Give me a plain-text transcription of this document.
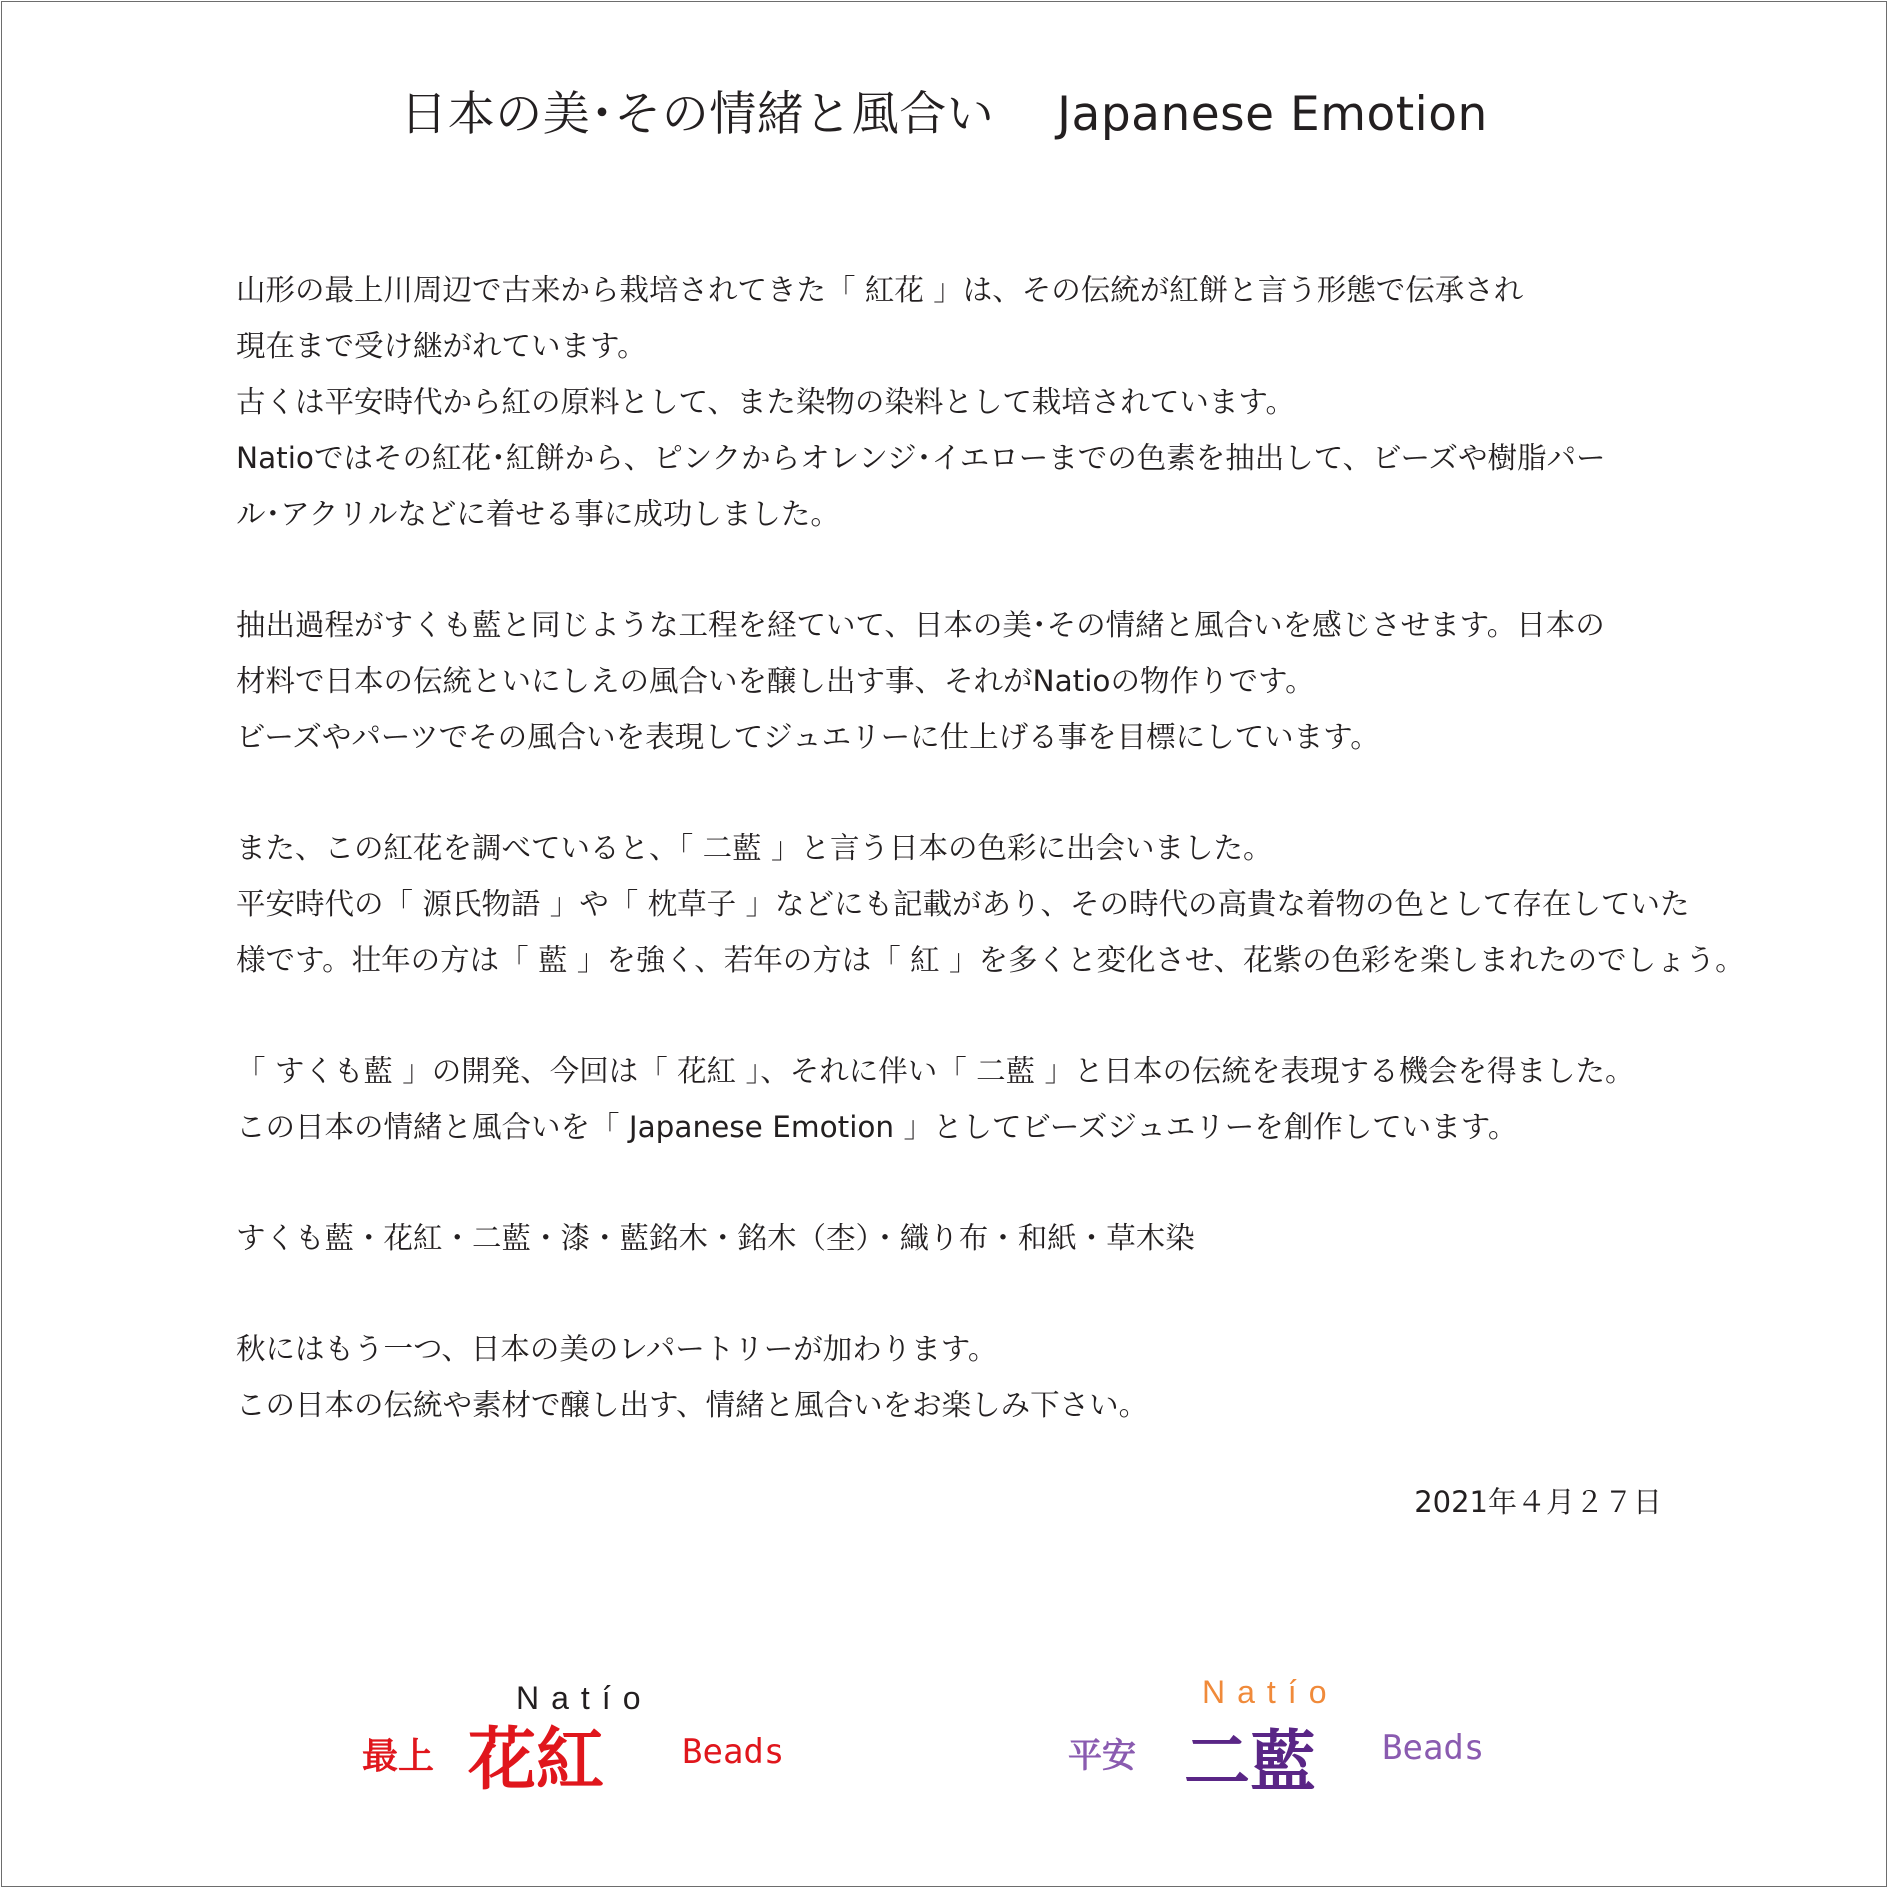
日本の美･その情緒と風合い　 Japanese Emotion

山形の最上川周辺で古来から栽培されてきた「 紅花 」は、その伝統が紅餅と言う形態で伝承され
現在まで受け継がれています。
古くは平安時代から紅の原料として、また染物の染料として栽培されています。
Natioではその紅花･紅餅から、ピンクからオレンジ･イエローまでの色素を抽出して、ビーズや樹脂パー
ル･アクリルなどに着せる事に成功しました。

抽出過程がすくも藍と同じような工程を経ていて、日本の美･その情緒と風合いを感じさせます。日本の
材料で日本の伝統といにしえの風合いを醸し出す事、それがNatioの物作りです。
ビーズやパーツでその風合いを表現してジュエリーに仕上げる事を目標にしています。

また、この紅花を調べていると、「 二藍 」と言う日本の色彩に出会いました。
平安時代の「 源氏物語 」や「 枕草子 」などにも記載があり、その時代の高貴な着物の色として存在していた
様です。壮年の方は「 藍 」を強く、若年の方は「 紅 」を多くと変化させ、花紫の色彩を楽しまれたのでしょう。

「 すくも藍 」の開発、今回は「 花紅 」、それに伴い「 二藍 」と日本の伝統を表現する機会を得ました。
この日本の情緒と風合いを「 Japanese Emotion 」としてビーズジュエリーを創作しています。

すくも藍・花紅・二藍・漆・藍銘木・銘木（杢）・織り布・和紙・草木染

秋にはもう一つ、日本の美のレパートリーが加わります。
この日本の伝統や素材で醸し出す、情緒と風合いをお楽しみ下さい。

2021年４月２７日
Natío
最上 花紅 Beads
Natío
平安 二藍 Beads
